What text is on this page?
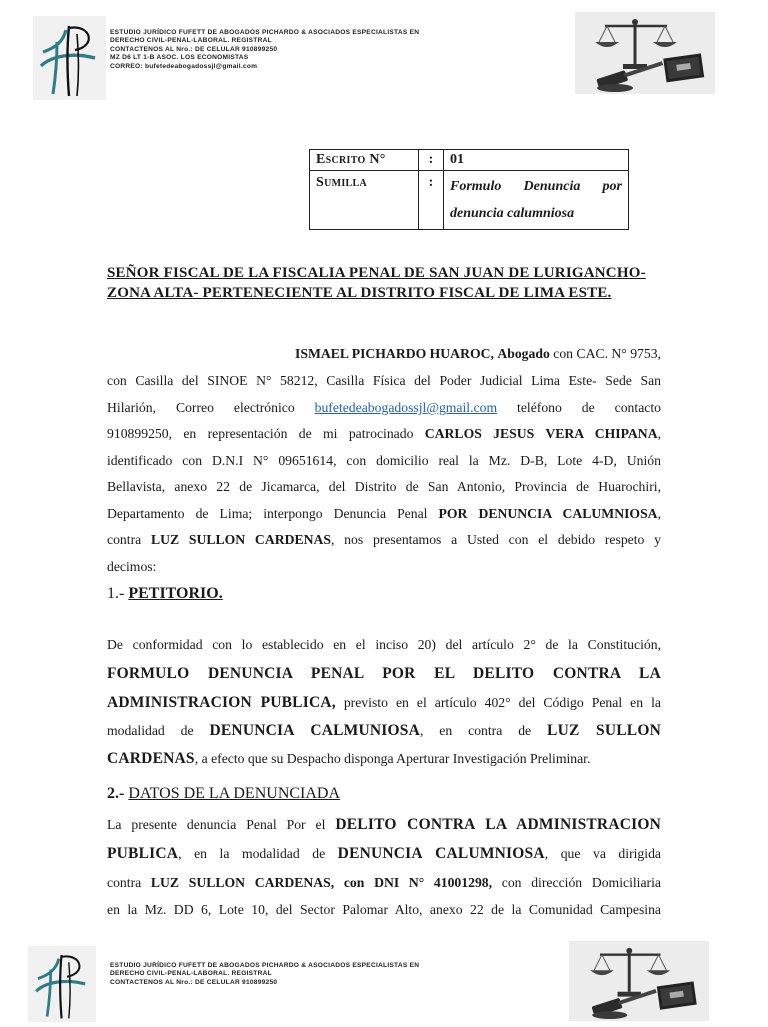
ESTUDIO JURÍDICO FUFETT DE ABOGADOS PICHARDO & ASOCIADOS ESPECIALISTAS EN
DERECHO CIVIL-PENAL-LABORAL. REGISTRAL
CONTACTENOS AL Nro.: DE CELULAR 910899250
MZ D6 LT 1-B ASOC. LOS ECONOMISTAS
CORREO: bufetedeabogadossjl@gmail.com
Escrito N°	:	01
Sumilla	:	Formulo Denuncia por
denuncia calumniosa
SEÑOR FISCAL DE LA FISCALIA PENAL DE SAN JUAN DE LURIGANCHO-
ZONA ALTA- PERTENECIENTE AL DISTRITO FISCAL DE LIMA ESTE.
ISMAEL PICHARDO HUAROC, Abogado con CAC. N° 9753,
con Casilla del SINOE N° 58212, Casilla Física del Poder Judicial Lima Este- Sede San
Hilarión, Correo electrónico bufetedeabogadossjl@gmail.com teléfono de contacto
910899250, en representación de mi patrocinado CARLOS JESUS VERA CHIPANA,
identificado con D.N.I N° 09651614, con domicilio real la Mz. D-B, Lote 4-D, Unión
Bellavista, anexo 22 de Jicamarca, del Distrito de San Antonio, Provincia de Huarochiri,
Departamento de Lima; interpongo Denuncia Penal POR DENUNCIA CALUMNIOSA,
contra LUZ SULLON CARDENAS, nos presentamos a Usted con el debido respeto y
decimos:
1.- PETITORIO.
De conformidad con lo establecido en el inciso 20) del artículo 2° de la Constitución,
FORMULO DENUNCIA PENAL POR EL DELITO CONTRA LA
ADMINISTRACION PUBLICA, previsto en el artículo 402° del Código Penal en la
modalidad de DENUNCIA CALMUNIOSA, en contra de LUZ SULLON
CARDENAS, a efecto que su Despacho disponga Aperturar Investigación Preliminar.
2.- DATOS DE LA DENUNCIADA
La presente denuncia Penal Por el DELITO CONTRA LA ADMINISTRACION
PUBLICA, en la modalidad de DENUNCIA CALUMNIOSA, que va dirigida
contra LUZ SULLON CARDENAS, con DNI N° 41001298, con dirección Domiciliaria
en la Mz. DD 6, Lote 10, del Sector Palomar Alto, anexo 22 de la Comunidad Campesina
ESTUDIO JURÍDICO FUFETT DE ABOGADOS PICHARDO & ASOCIADOS ESPECIALISTAS EN
DERECHO CIVIL-PENAL-LABORAL. REGISTRAL
CONTACTENOS AL Nro.: DE CELULAR 910899250
